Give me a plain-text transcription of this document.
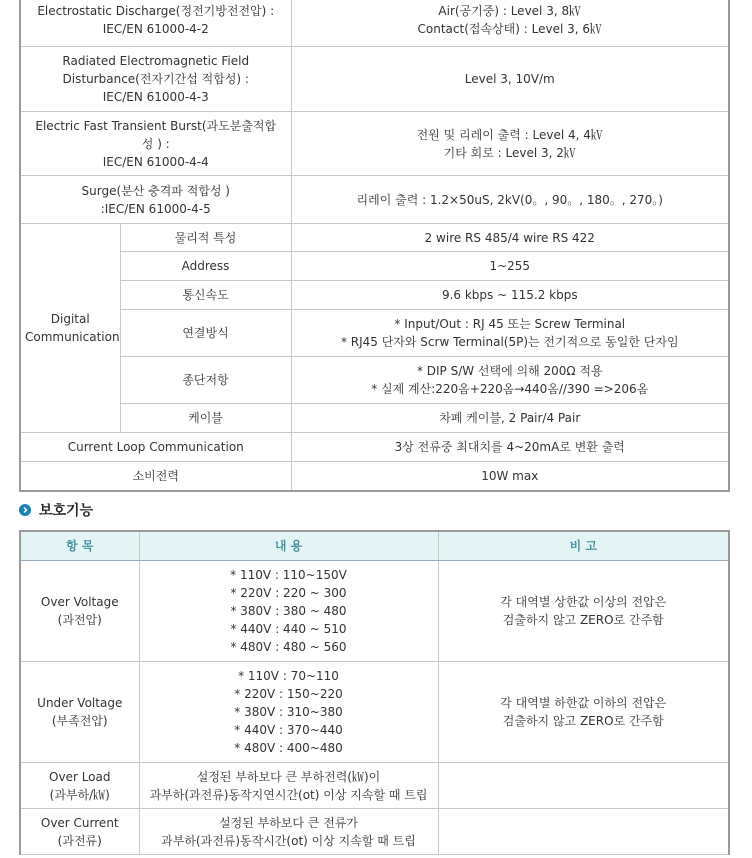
Electrostatic Discharge(정전기방전전압) :
IEC/EN 61000-4-2		Air(공기중) : Level 3, 8㎸
Contact(접속상태) : Level 3, 6㎸

Radiated Electromagnetic Field
Disturbance(전자기간섭 적합성) :
IEC/EN 61000-4-3		Level 3, 10V/m

Electric Fast Transient Burst(과도분출적합
성 ) :
IEC/EN 61000-4-4		전원 및 리레이 출력 : Level 4, 4㎸
기타 회로 : Level 3, 2㎸

Surge(분산 충격파 적합성 )
:IEC/EN 61000-4-5		리레이 출력 : 1.2×50uS, 2kV(0。, 90。, 180。, 270。)

Digital
Communication	물리적 특성	2 wire RS 485/4 wire RS 422
	Address	1~255
	통신속도	9.6 kbps ~ 115.2 kbps
	연결방식	* Input/Out : RJ 45 또는 Screw Terminal
* RJ45 단자와 Scrw Terminal(5P)는 전기적으로 동일한 단자임

	종단저항	* DIP S/W 선택에 의해 200Ω 적용
* 실제 계산:220옴+220옴→440옴//390 =>206옴

	케이블	차폐 케이블, 2 Pair/4 Pair
Current Loop Communication		3상 전류중 최대치를 4~20mA로 변환 출력
소비전력		10W max
보호기능
항 목	내 용	비 고

Over Voltage
(과전압)	* 110V : 110~150V
* 220V : 220 ~ 300
* 380V : 380 ~ 480
* 440V : 440 ~ 510
* 480V : 480 ~ 560	각 대역별 상한값 이상의 전압은
검출하지 않고 ZERO로 간주함

Under Voltage
(부족전압)	* 110V : 70~110
* 220V : 150~220
* 380V : 310~380
* 440V : 370~440
* 480V : 400~480	각 대역별 하한값 이하의 전압은
검출하지 않고 ZERO로 간주함

Over Load
(과부하/㎾)	설정된 부하보다 큰 부하전력(㎾)이
과부하(과전류)동작지연시간(ot) 이상 지속할 때 트립	

Over Current
(과전류)	설정된 부하보다 큰 전류가
과부하(과전류)동작시간(ot) 이상 지속할 때 트립	
